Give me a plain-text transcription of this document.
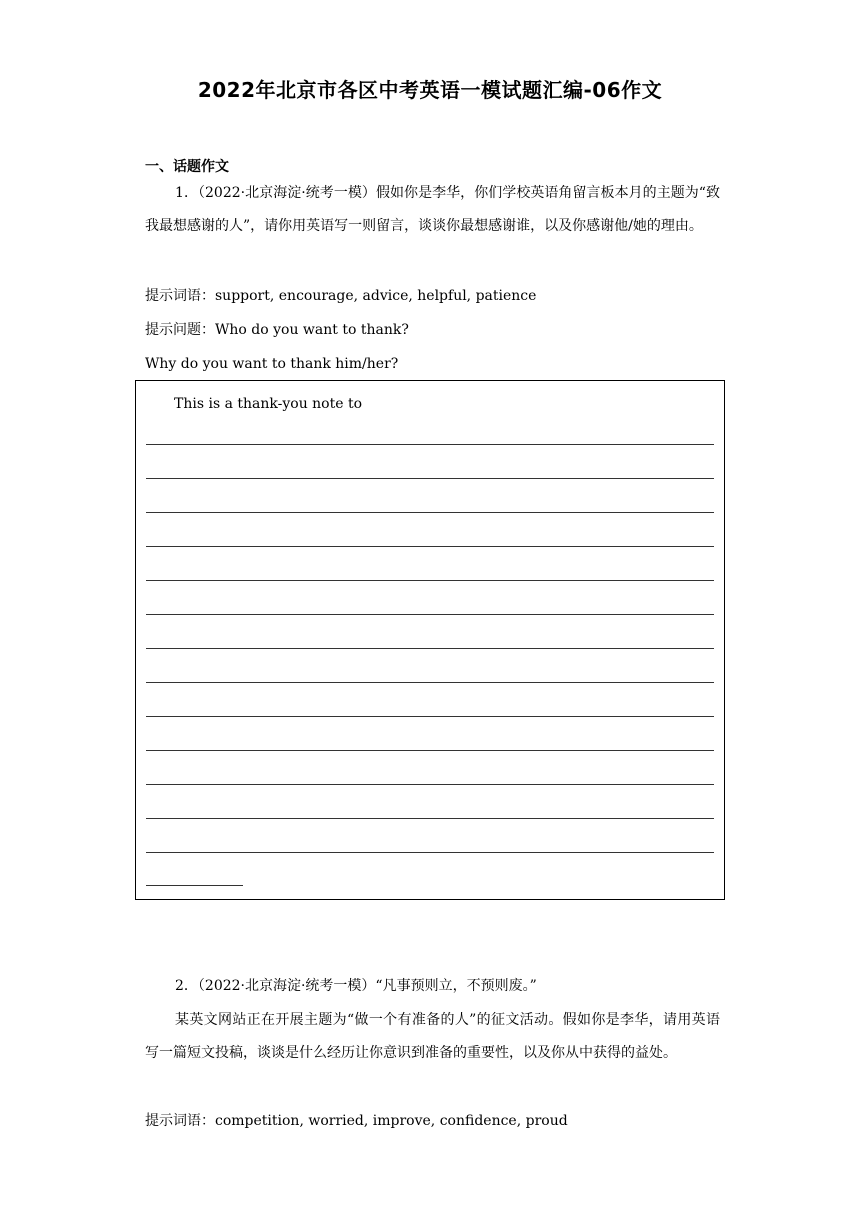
2022年北京市各区中考英语一模试题汇编-06作文
一、话题作文

1．（2022·北京海淀·统考一模）假如你是李华，你们学校英语角留言板本月的主题为“致我最想感谢的人”，请你用英语写一则留言，谈谈你最想感谢谁，以及你感谢他/她的理由。

提示词语：support, encourage, advice, helpful, patience
提示问题：Who do you want to thank?
Why do you want to thank him/her?
This is a thank-you note to

2．（2022·北京海淀·统考一模）“凡事预则立，不预则废。”

某英文网站正在开展主题为“做一个有准备的人”的征文活动。假如你是李华，请用英语写一篇短文投稿，谈谈是什么经历让你意识到准备的重要性，以及你从中获得的益处。

提示词语：competition, worried, improve, confidence, proud
